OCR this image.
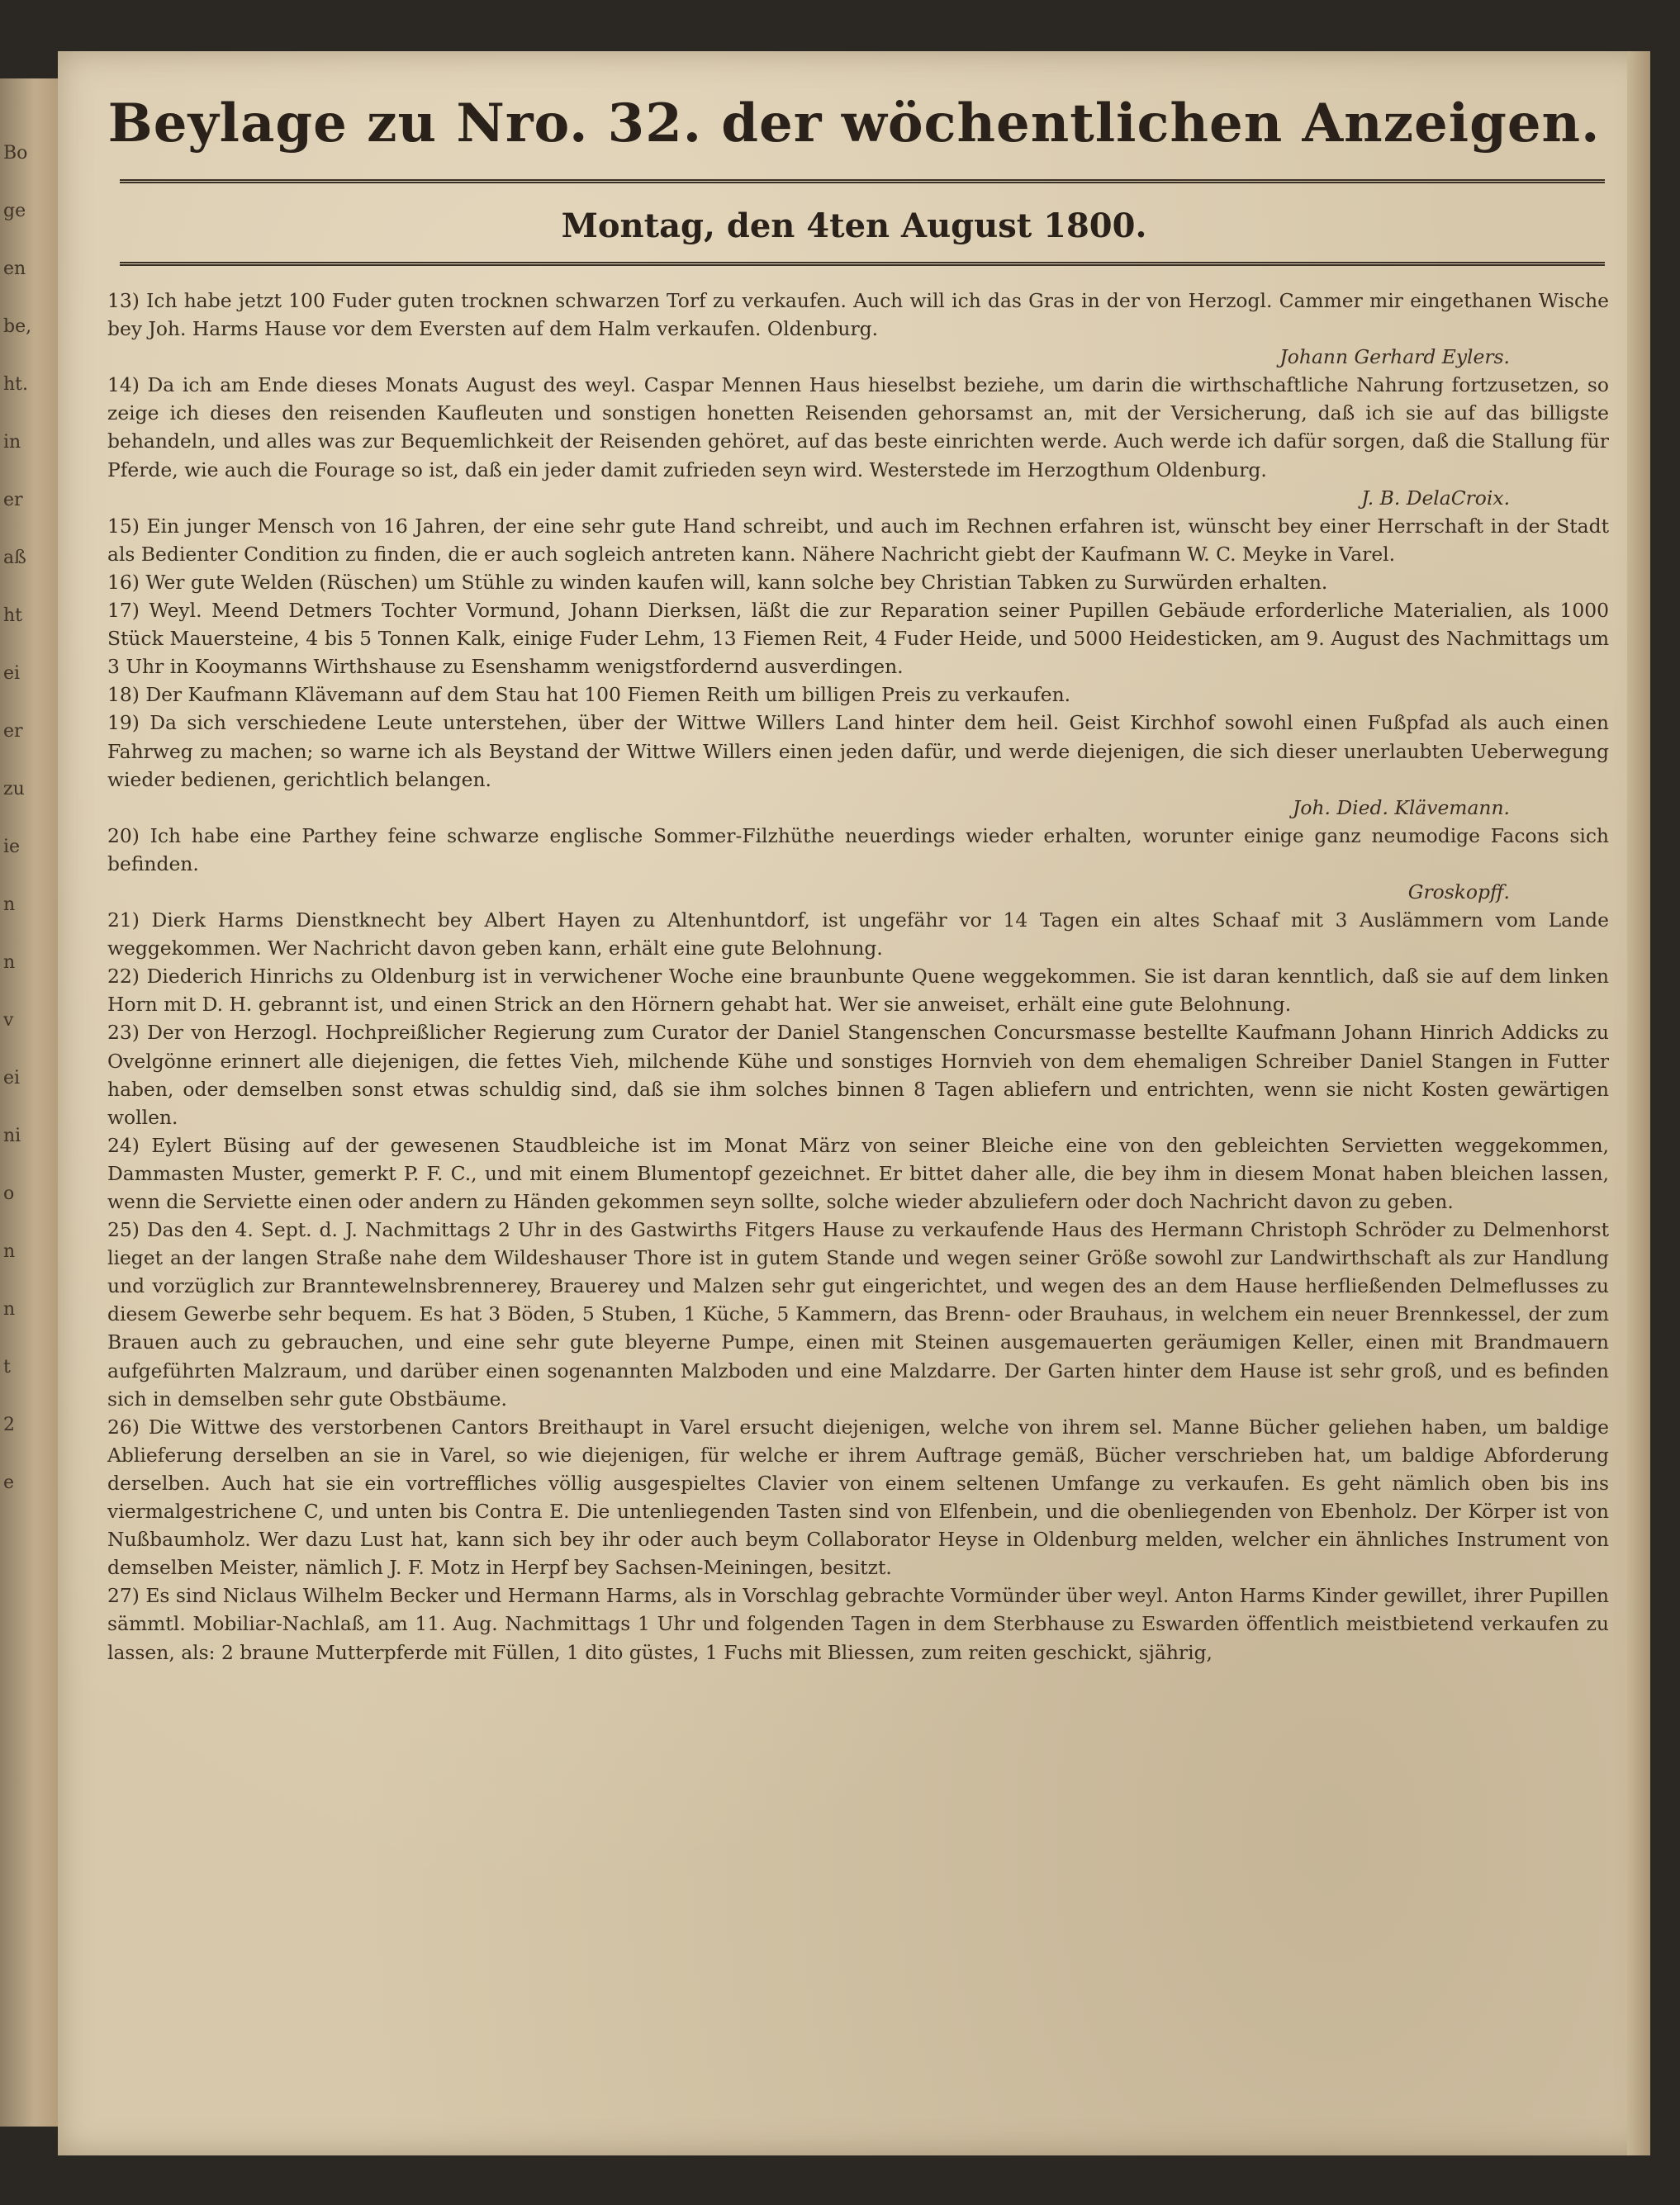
Bo
ge
en
be,
ht.
in
er
aß
ht
ei
er
zu
ie
n
n
v
ei
ni
o
n
n
t
2
e
Beylage zu Nro. 32. der wöchentlichen Anzeigen.
Montag, den 4ten August 1800.

13) Ich habe jetzt 100 Fuder guten trocknen schwarzen Torf zu verkaufen. Auch will ich das Gras in der von Herzogl. Cammer mir eingethanen Wische bey Joh. Harms Hause vor dem Eversten auf dem Halm verkaufen. Oldenburg.

Johann Gerhard Eylers.

14) Da ich am Ende dieses Monats August des weyl. Caspar Mennen Haus hieselbst beziehe, um darin die wirthschaftliche Nahrung fortzusetzen, so zeige ich dieses den reisenden Kaufleuten und sonstigen honetten Reisenden gehorsamst an, mit der Versicherung, daß ich sie auf das billigste behandeln, und alles was zur Bequemlichkeit der Reisenden gehöret, auf das beste einrichten werde. Auch werde ich dafür sorgen, daß die Stallung für Pferde, wie auch die Fourage so ist, daß ein jeder damit zufrieden seyn wird. Westerstede im Herzogthum Oldenburg.

J. B. DelaCroix.

15) Ein junger Mensch von 16 Jahren, der eine sehr gute Hand schreibt, und auch im Rechnen erfahren ist, wünscht bey einer Herrschaft in der Stadt als Bedienter Condition zu finden, die er auch sogleich antreten kann. Nähere Nachricht giebt der Kaufmann W. C. Meyke in Varel.

16) Wer gute Welden (Rüschen) um Stühle zu winden kaufen will, kann solche bey Christian Tabken zu Surwürden erhalten.

17) Weyl. Meend Detmers Tochter Vormund, Johann Dierksen, läßt die zur Reparation seiner Pupillen Gebäude erforderliche Materialien, als 1000 Stück Mauersteine, 4 bis 5 Tonnen Kalk, einige Fuder Lehm, 13 Fiemen Reit, 4 Fuder Heide, und 5000 Heidesticken, am 9. August des Nachmittags um 3 Uhr in Kooymanns Wirthshause zu Esenshamm wenigstfordernd ausverdingen.

18) Der Kaufmann Klävemann auf dem Stau hat 100 Fiemen Reith um billigen Preis zu verkaufen.

19) Da sich verschiedene Leute unterstehen, über der Wittwe Willers Land hinter dem heil. Geist Kirchhof sowohl einen Fußpfad als auch einen Fahrweg zu machen; so warne ich als Beystand der Wittwe Willers einen jeden dafür, und werde diejenigen, die sich dieser unerlaubten Ueberwegung wieder bedienen, gerichtlich belangen.

Joh. Died. Klävemann.

20) Ich habe eine Parthey feine schwarze englische Sommer-Filzhüthe neuerdings wieder erhalten, worunter einige ganz neumodige Facons sich befinden.

Groskopff.

21) Dierk Harms Dienstknecht bey Albert Hayen zu Altenhuntdorf, ist ungefähr vor 14 Tagen ein altes Schaaf mit 3 Auslämmern vom Lande weggekommen. Wer Nachricht davon geben kann, erhält eine gute Belohnung.

22) Diederich Hinrichs zu Oldenburg ist in verwichener Woche eine braunbunte Quene weggekommen. Sie ist daran kenntlich, daß sie auf dem linken Horn mit D. H. gebrannt ist, und einen Strick an den Hörnern gehabt hat. Wer sie anweiset, erhält eine gute Belohnung.

23) Der von Herzogl. Hochpreißlicher Regierung zum Curator der Daniel Stangenschen Concursmasse bestellte Kaufmann Johann Hinrich Addicks zu Ovelgönne erinnert alle diejenigen, die fettes Vieh, milchende Kühe und sonstiges Hornvieh von dem ehemaligen Schreiber Daniel Stangen in Futter haben, oder demselben sonst etwas schuldig sind, daß sie ihm solches binnen 8 Tagen abliefern und entrichten, wenn sie nicht Kosten gewärtigen wollen.

24) Eylert Büsing auf der gewesenen Staudbleiche ist im Monat März von seiner Bleiche eine von den gebleichten Servietten weggekommen, Dammasten Muster, gemerkt P. F. C., und mit einem Blumentopf gezeichnet. Er bittet daher alle, die bey ihm in diesem Monat haben bleichen lassen, wenn die Serviette einen oder andern zu Händen gekommen seyn sollte, solche wieder abzuliefern oder doch Nachricht davon zu geben.

25) Das den 4. Sept. d. J. Nachmittags 2 Uhr in des Gastwirths Fitgers Hause zu verkaufende Haus des Hermann Christoph Schröder zu Delmenhorst lieget an der langen Straße nahe dem Wildeshauser Thore ist in gutem Stande und wegen seiner Größe sowohl zur Landwirthschaft als zur Handlung und vorzüglich zur Branntewelnsbrennerey, Brauerey und Malzen sehr gut eingerichtet, und wegen des an dem Hause herfließenden Delmeflusses zu diesem Gewerbe sehr bequem. Es hat 3 Böden, 5 Stuben, 1 Küche, 5 Kammern, das Brenn- oder Brauhaus, in welchem ein neuer Brennkessel, der zum Brauen auch zu gebrauchen, und eine sehr gute bleyerne Pumpe, einen mit Steinen ausgemauerten geräumigen Keller, einen mit Brandmauern aufgeführten Malzraum, und darüber einen sogenannten Malzboden und eine Malzdarre. Der Garten hinter dem Hause ist sehr groß, und es befinden sich in demselben sehr gute Obstbäume.

26) Die Wittwe des verstorbenen Cantors Breithaupt in Varel ersucht diejenigen, welche von ihrem sel. Manne Bücher geliehen haben, um baldige Ablieferung derselben an sie in Varel, so wie diejenigen, für welche er ihrem Auftrage gemäß, Bücher verschrieben hat, um baldige Abforderung derselben. Auch hat sie ein vortreffliches völlig ausgespieltes Clavier von einem seltenen Umfange zu verkaufen. Es geht nämlich oben bis ins viermalgestrichene C, und unten bis Contra E. Die untenliegenden Tasten sind von Elfenbein, und die obenliegenden von Ebenholz. Der Körper ist von Nußbaumholz. Wer dazu Lust hat, kann sich bey ihr oder auch beym Collaborator Heyse in Oldenburg melden, welcher ein ähnliches Instrument von demselben Meister, nämlich J. F. Motz in Herpf bey Sachsen-Meiningen, besitzt.

27) Es sind Niclaus Wilhelm Becker und Hermann Harms, als in Vorschlag gebrachte Vormünder über weyl. Anton Harms Kinder gewillet, ihrer Pupillen sämmtl. Mobiliar-Nachlaß, am 11. Aug. Nachmittags 1 Uhr und folgenden Tagen in dem Sterbhause zu Eswarden öffentlich meistbietend verkaufen zu lassen, als: 2 braune Mutterpferde mit Füllen, 1 dito güstes, 1 Fuchs mit Bliessen, zum reiten geschickt, sjährig,
